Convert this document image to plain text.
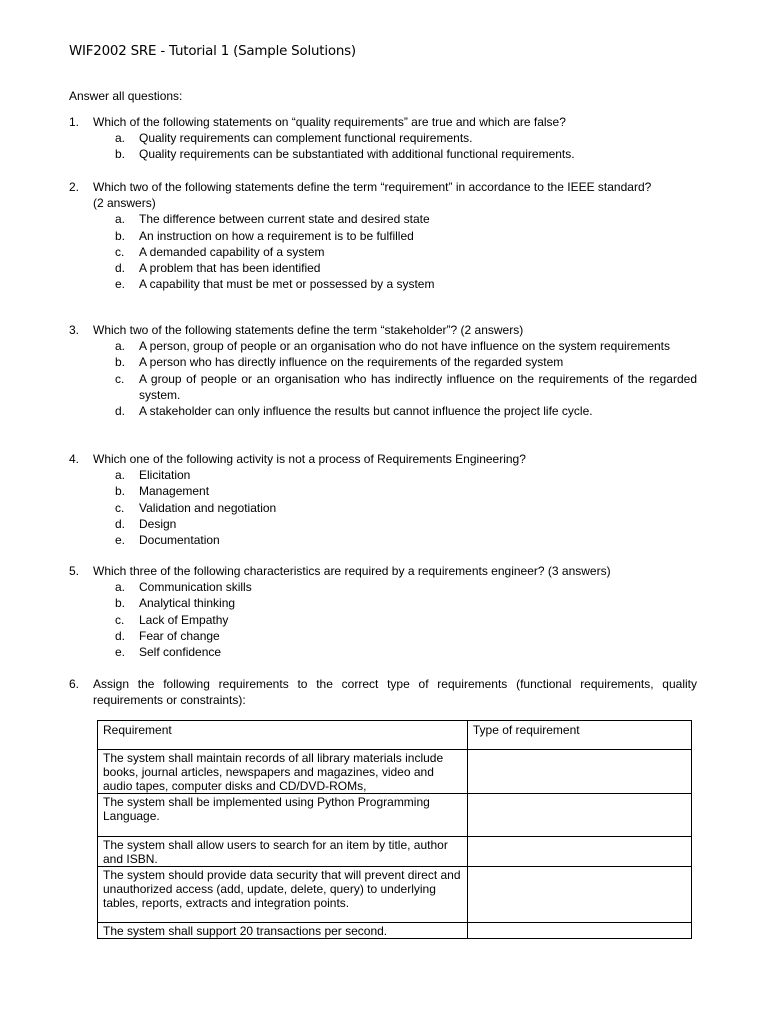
WIF2002 SRE - Tutorial 1 (Sample Solutions)
Answer all questions:
1. Which of the following statements on “quality requirements” are true and which are false?
a. Quality requirements can complement functional requirements.
b. Quality requirements can be substantiated with additional functional requirements.
2. Which two of the following statements define the term “requirement” in accordance to the IEEE standard?
(2 answers)
a. The difference between current state and desired state
b. An instruction on how a requirement is to be fulfilled
c. A demanded capability of a system
d. A problem that has been identified
e. A capability that must be met or possessed by a system
3. Which two of the following statements define the term “stakeholder”? (2 answers)
a. A person, group of people or an organisation who do not have influence on the system requirements
b. A person who has directly influence on the requirements of the regarded system
c. A group of people or an organisation who has indirectly influence on the requirements of the regarded system.
d. A stakeholder can only influence the results but cannot influence the project life cycle.
4. Which one of the following activity is not a process of Requirements Engineering?
a. Elicitation
b. Management
c. Validation and negotiation
d. Design
e. Documentation
5. Which three of the following characteristics are required by a requirements engineer? (3 answers)
a. Communication skills
b. Analytical thinking
c. Lack of Empathy
d. Fear of change
e. Self confidence
6. Assign the following requirements to the correct type of requirements (functional requirements, quality requirements or constraints):
Requirement	Type of requirement
The system shall maintain records of all library materials include books, journal articles, newspapers and magazines, video and audio tapes, computer disks and CD/DVD-ROMs,	
The system shall be implemented using Python Programming Language.	
The system shall allow users to search for an item by title, author and ISBN.	
The system should provide data security that will prevent direct and unauthorized access (add, update, delete, query) to underlying tables, reports, extracts and integration points.	
The system shall support 20 transactions per second.	
